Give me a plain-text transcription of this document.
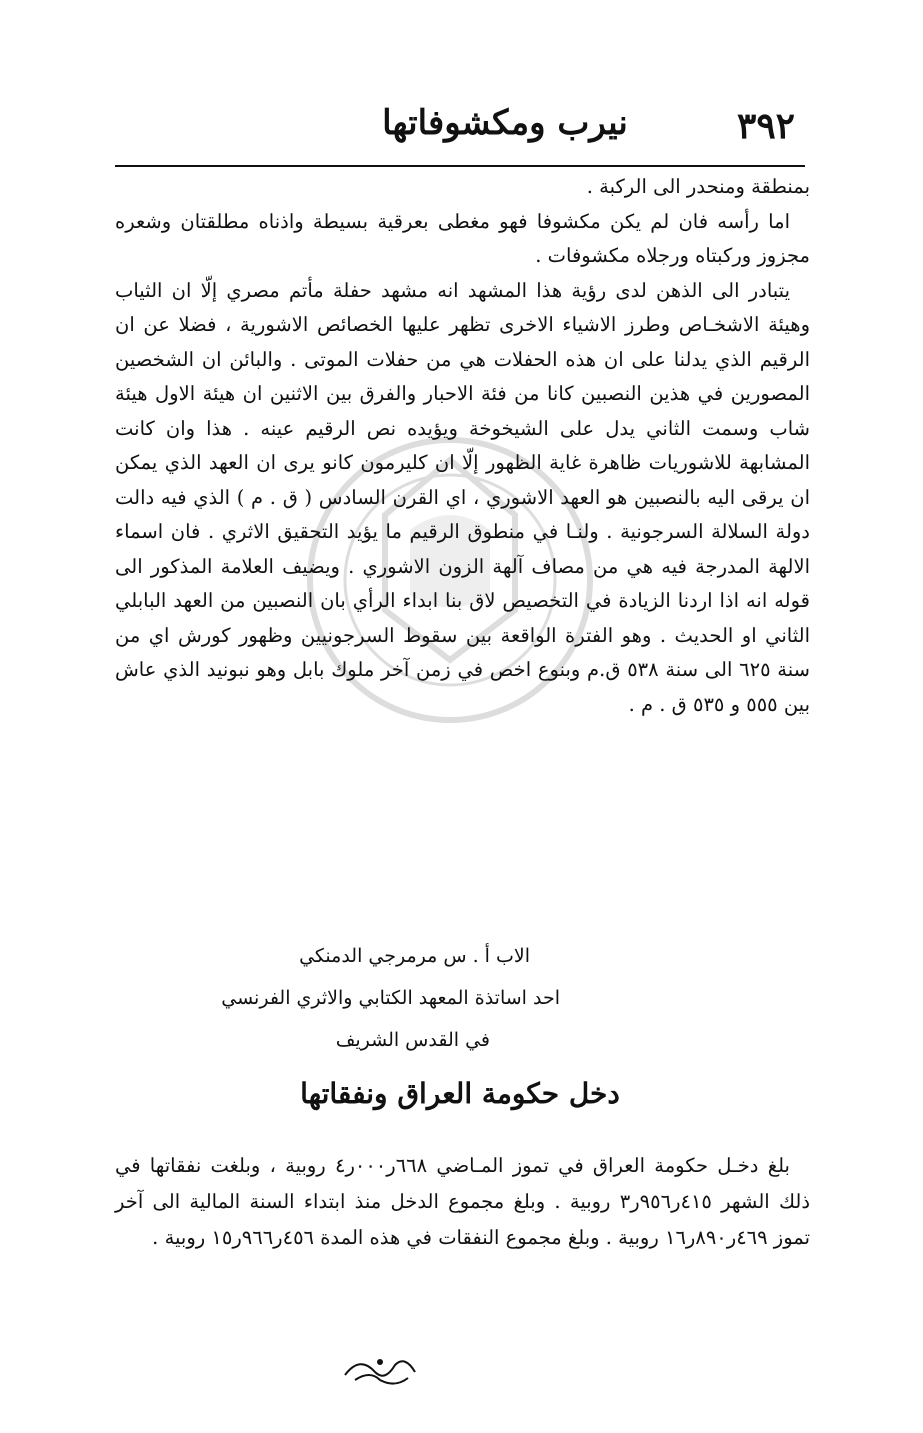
٣٩٢
نيرب ومكشوفاتها

بمنطقة ومنحدر الى الركبة .

اما رأسه فان لم يكن مكشوفا فهو مغطى بعرقية بسيطة واذناه مطلقتان وشعره مجزوز وركبتاه ورجلاه مكشوفات .

يتبادر الى الذهن لدى رؤية هذا المشهد انه مشهد حفلة مأتم مصري إلّا ان الثياب وهيئة الاشخـاص وطرز الاشياء الاخرى تظهر عليها الخصائص الاشورية ، فضلا عن ان الرقيم الذي يدلنا على ان هذه الحفلات هي من حفلات الموتى . والبائن ان الشخصين المصورين في هذين النصبين كانا من فئة الاحبار والفرق بين الاثنين ان هيئة الاول هيئة شاب وسمت الثاني يدل على الشيخوخة ويؤيده نص الرقيم عينه . هذا وان كانت المشابهة للاشوريات ظاهرة غاية الظهور إلّا ان كليرمون كانو يرى ان العهد الذي يمكن ان يرقى اليه بالنصبين هو العهد الاشوري ، اي القرن السادس ( ق . م ) الذي فيه دالت دولة السلالة السرجونية . ولنـا في منطوق الرقيم ما يؤيد التحقيق الاثري . فان اسماء الالهة المدرجة فيه هي من مصاف آلهة الزون الاشوري . ويضيف العلامة المذكور الى قوله انه اذا اردنا الزيادة في التخصيص لاق بنا ابداء الرأي بان النصبين من العهد البابلي الثاني او الحديث . وهو الفترة الواقعة بين سقوط السرجونيين وظهور كورش اي من سنة ٦٢٥ الى سنة ٥٣٨ ق.م وبنوع اخص في زمن آخر ملوك بابل وهو نبونيد الذي عاش بين ٥٥٥ و ٥٣٥ ق . م .

الاب أ . س مرمرجي الدمنكي
احد اساتذة المعهد الكتابي والاثري الفرنسي
في القدس الشريف
دخل حكومة العراق ونفقاتها

بلغ دخـل حكومة العراق في تموز المـاضي ٦٦٨ر٠٠٠ر٤ روبية ، وبلغت نفقاتها في ذلك الشهر ٤١٥ر٩٥٦ر٣ روبية . وبلغ مجموع الدخل منذ ابتداء السنة المالية الى آخر تموز ٤٦٩ر٨٩٠ر١٦ روبية . وبلغ مجموع النفقات في هذه المدة ٤٥٦ر٩٦٦ر١٥ روبية .
